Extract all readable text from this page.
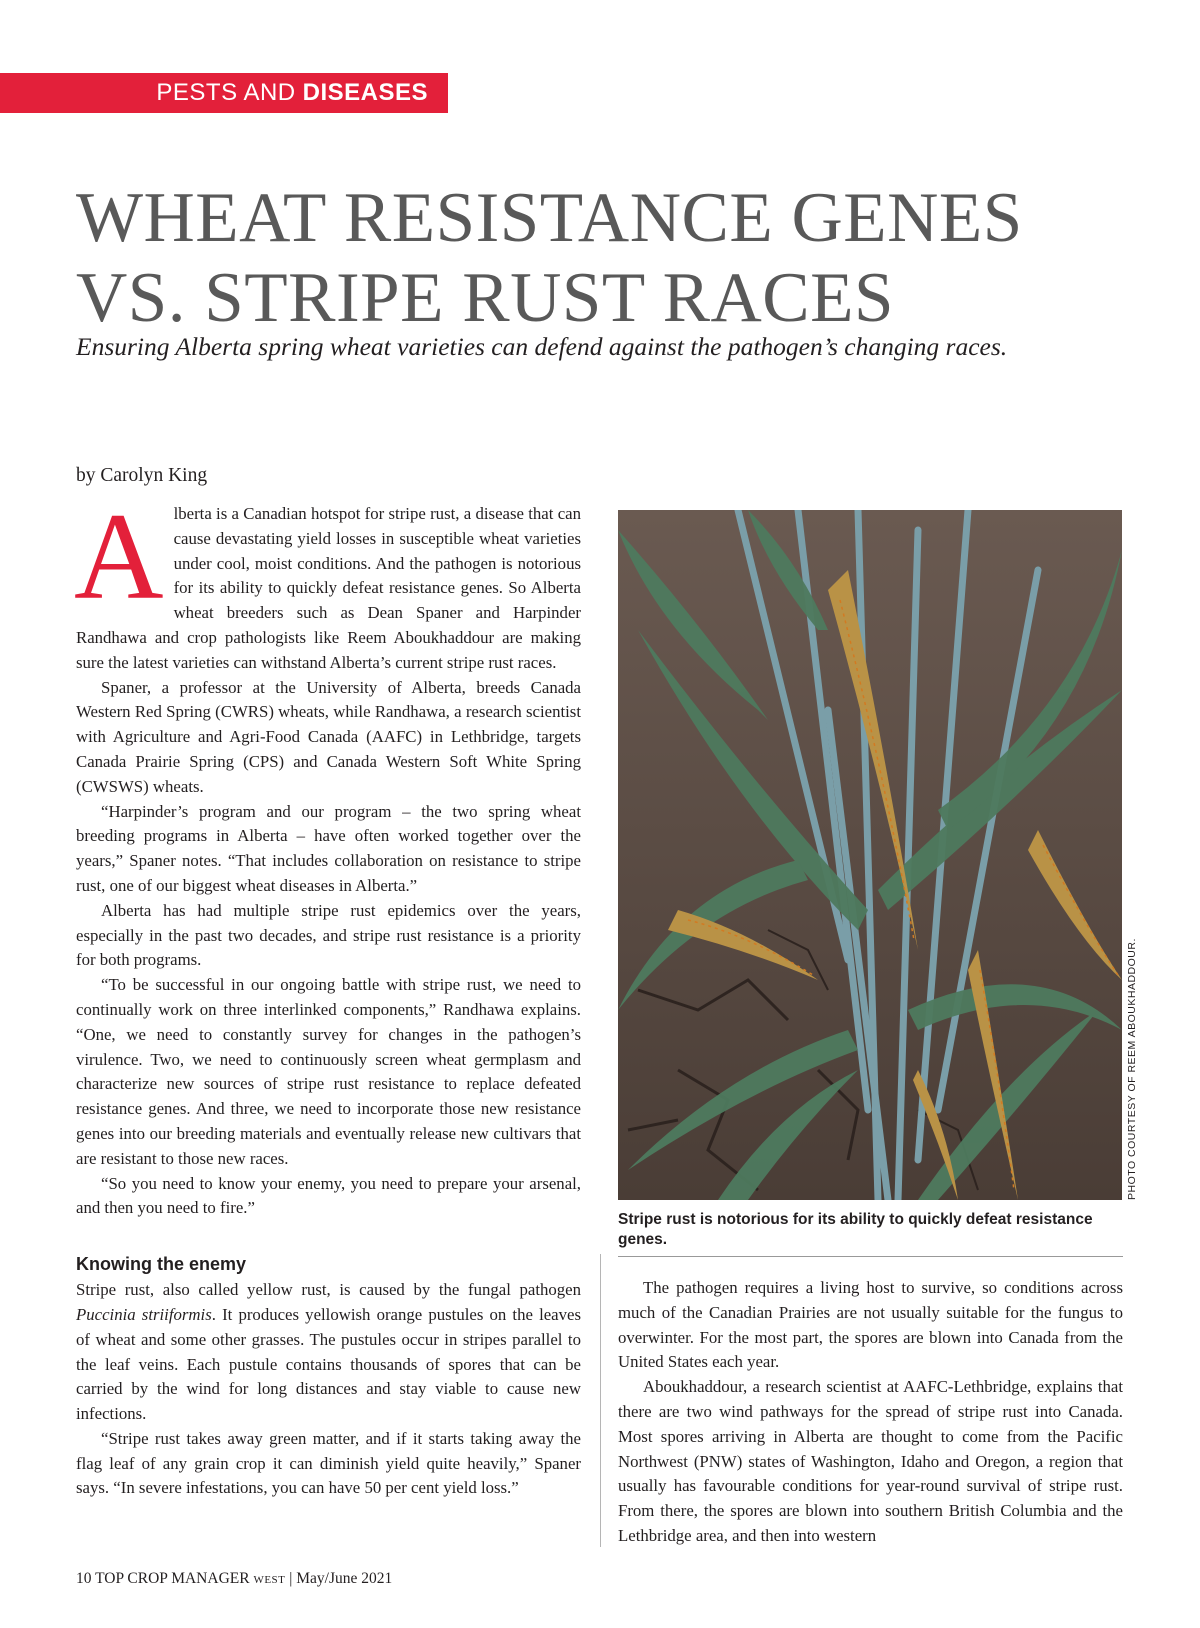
PESTS AND DISEASES
WHEAT RESISTANCE GENES
VS. STRIPE RUST RACES
Ensuring Alberta spring wheat varieties can defend against the pathogen’s changing races.
by Carolyn King

Alberta is a Canadian hotspot for stripe rust, a disease that can cause devastating yield losses in susceptible wheat varieties under cool, moist conditions. And the pathogen is notorious for its ability to quickly defeat resistance genes. So Alberta wheat breeders such as Dean Spaner and Harpinder Randhawa and crop pathologists like Reem Aboukhaddour are making sure the latest varieties can withstand Alberta’s current stripe rust races.

Spaner, a professor at the University of Alberta, breeds Canada Western Red Spring (CWRS) wheats, while Randhawa, a research scientist with Agriculture and Agri-Food Canada (AAFC) in Lethbridge, targets Canada Prairie Spring (CPS) and Canada Western Soft White Spring (CWSWS) wheats.

“Harpinder’s program and our program – the two spring wheat breeding programs in Alberta – have often worked together over the years,” Spaner notes. “That includes collaboration on resistance to stripe rust, one of our biggest wheat diseases in Alberta.”

Alberta has had multiple stripe rust epidemics over the years, especially in the past two decades, and stripe rust resistance is a priority for both programs.

“To be successful in our ongoing battle with stripe rust, we need to continually work on three interlinked components,” Randhawa explains. “One, we need to constantly survey for changes in the pathogen’s virulence. Two, we need to continuously screen wheat germplasm and characterize new sources of stripe rust resistance to replace defeated resistance genes. And three, we need to incorporate those new resistance genes into our breeding materials and eventually release new cultivars that are resistant to those new races.

“So you need to know your enemy, you need to prepare your arsenal, and then you need to fire.”

Knowing the enemy

Stripe rust, also called yellow rust, is caused by the fungal pathogen Puccinia striiformis. It produces yellowish orange pustules on the leaves of wheat and some other grasses. The pustules occur in stripes parallel to the leaf veins. Each pustule contains thousands of spores that can be carried by the wind for long distances and stay viable to cause new infections.

“Stripe rust takes away green matter, and if it starts taking away the flag leaf of any grain crop it can diminish yield quite heavily,” Spaner says. “In severe infestations, you can have 50 per cent yield loss.”

PHOTO COURTESY OF REEM ABOUKHADDOUR.
Stripe rust is notorious for its ability to quickly defeat resistance genes.

The pathogen requires a living host to survive, so conditions across much of the Canadian Prairies are not usually suitable for the fungus to overwinter. For the most part, the spores are blown into Canada from the United States each year.

Aboukhaddour, a research scientist at AAFC-Lethbridge, explains that there are two wind pathways for the spread of stripe rust into Canada. Most spores arriving in Alberta are thought to come from the Pacific Northwest (PNW) states of Washington, Idaho and Oregon, a region that usually has favourable conditions for year-round survival of stripe rust. From there, the spores are blown into southern British Columbia and the Lethbridge area, and then into western

10 TOP CROP MANAGER WEST | May/June 2021
